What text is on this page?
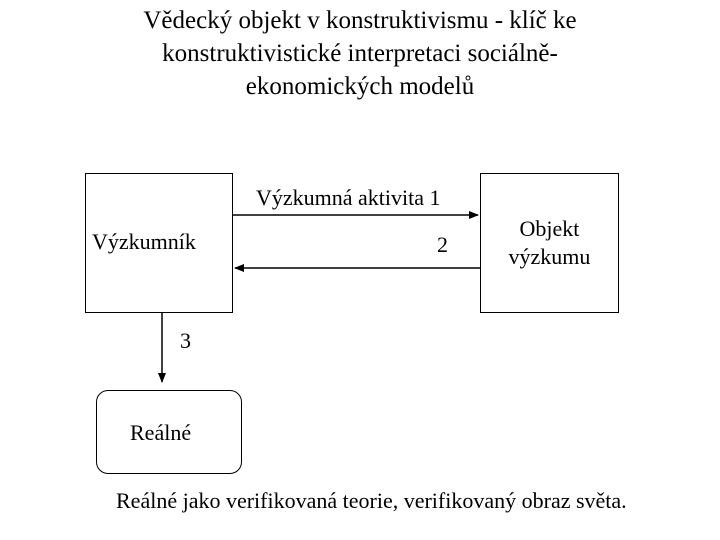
Vědecký objekt v konstruktivismu - klíč ke
konstruktivistické interpretaci sociálně-
ekonomických modelů
Výzkumník
Objekt
výzkumu
Reálné
Výzkumná aktivita 1
2
3
Reálné jako verifikovaná teorie, verifikovaný obraz světa.
